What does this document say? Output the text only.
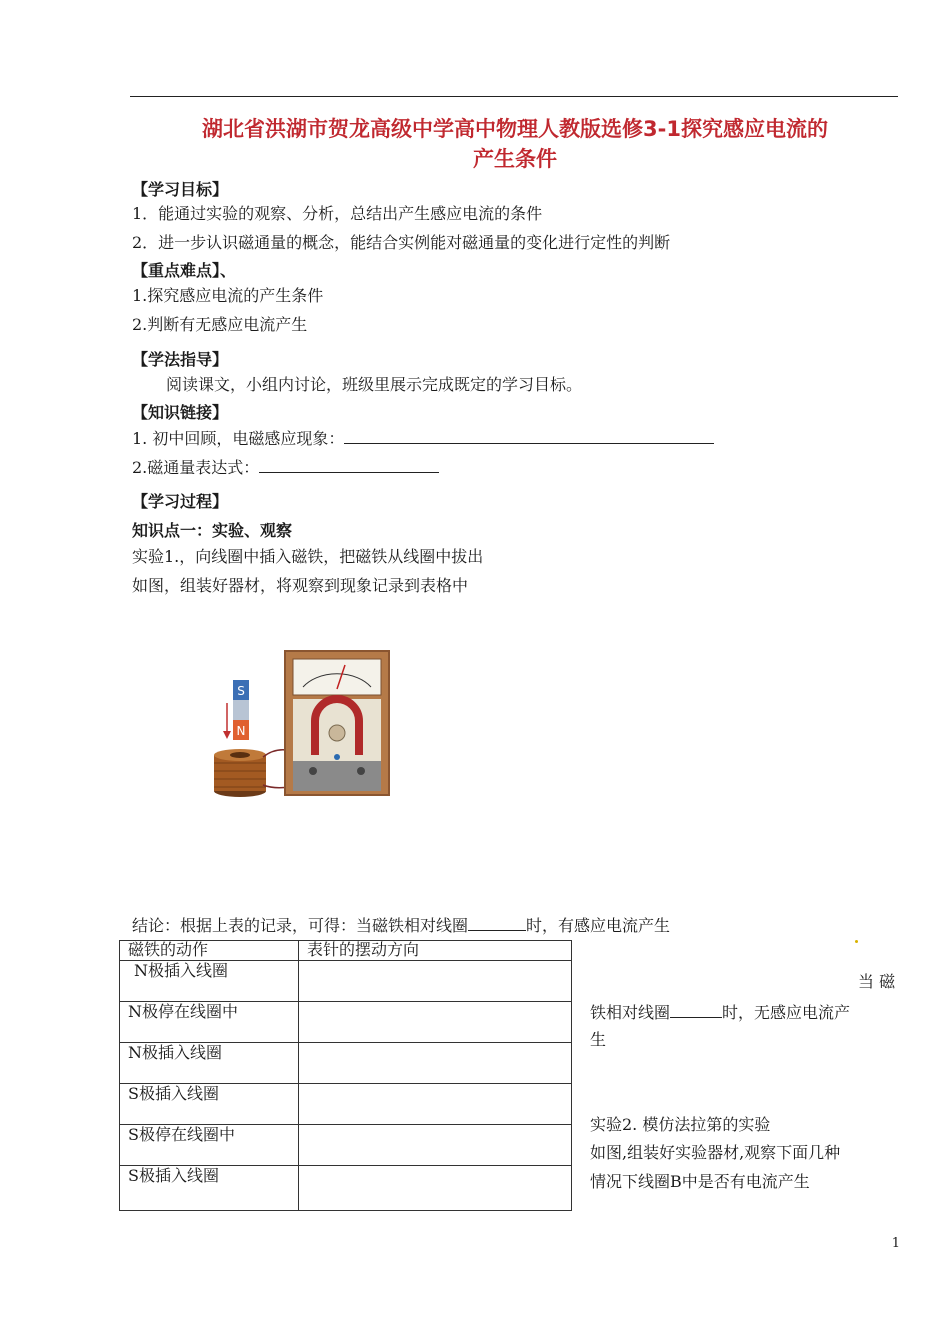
湖北省洪湖市贺龙高级中学高中物理人教版选修3-1探究感应电流的
产生条件
【学习目标】
1．能通过实验的观察、分析，总结出产生感应电流的条件
2．进一步认识磁通量的概念，能结合实例能对磁通量的变化进行定性的判断
【重点难点】、
1.探究感应电流的产生条件
2.判断有无感应电流产生
【学法指导】
阅读课文，小组内讨论，班级里展示完成既定的学习目标。
【知识链接】
1. 初中回顾，电磁感应现象：
2.磁通量表达式：
【学习过程】
知识点一：实验、观察
实验1.，向线圈中插入磁铁，把磁铁从线圈中拔出
如图，组装好器材，将观察到现象记录到表格中
S
N
结论：根据上表的记录，可得：当磁铁相对线圈	时，有感应电流产生
磁铁的动作	表针的摆动方向
N极插入线圈	
N极停在线圈中	
N极插入线圈	
S极插入线圈	
S极停在线圈中	
S极插入线圈	
当 磁
铁相对线圈	时，无感应电流产
生
实验2. 模仿法拉第的实验
如图,组装好实验器材,观察下面几种
情况下线圈B中是否有电流产生
1
